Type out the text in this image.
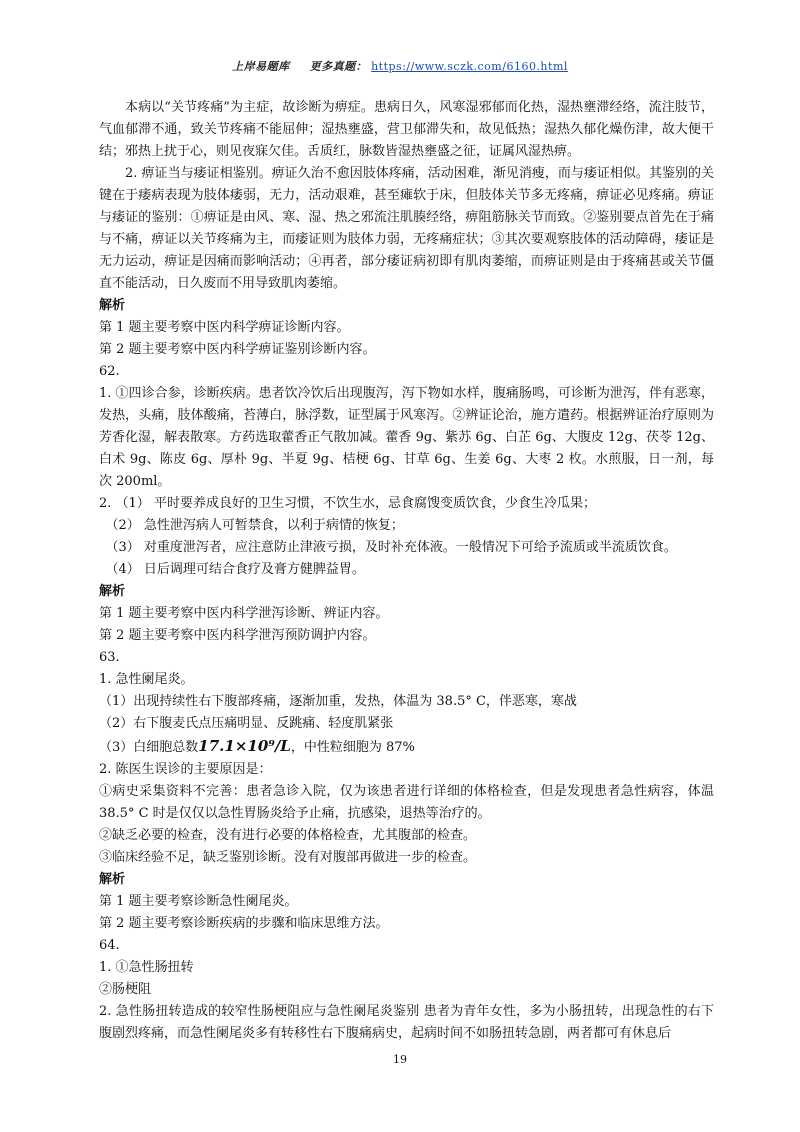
上岸易题库 更多真题： https://www.sczk.com/6160.html
本病以“关节疼痛”为主症，故诊断为痹症。患病日久，风寒湿邪郁而化热，湿热壅滞经络，流注肢节，气血郁滞不通，致关节疼痛不能屈伸；湿热壅盛，营卫郁滞失和，故见低热；湿热久郁化燥伤津，故大便干结；邪热上扰于心，则见夜寐欠佳。舌质红，脉数皆湿热壅盛之征，证属风湿热痹。
2. 痹证当与痿证相鉴别。痹证久治不愈因肢体疼痛，活动困难，渐见消瘦，而与痿证相似。其鉴别的关键在于痿病表现为肢体痿弱，无力，活动艰难，甚至瘫软于床，但肢体关节多无疼痛，痹证必见疼痛。痹证与痿证的鉴别：①痹证是由风、寒、湿、热之邪流注肌腠经络，痹阻筋脉关节而致。②鉴别要点首先在于痛与不痛，痹证以关节疼痛为主，而痿证则为肢体力弱，无疼痛症状；③其次要观察肢体的活动障碍，痿证是无力运动，痹证是因痛而影响活动；④再者，部分痿证病初即有肌肉萎缩，而痹证则是由于疼痛甚或关节僵直不能活动，日久废而不用导致肌肉萎缩。
解析
第 1 题主要考察中医内科学痹证诊断内容。
第 2 题主要考察中医内科学痹证鉴别诊断内容。
62.
1. ①四诊合参，诊断疾病。患者饮冷饮后出现腹泻，泻下物如水样，腹痛肠鸣，可诊断为泄泻，伴有恶寒，发热，头痛，肢体酸痛，苔薄白，脉浮数，证型属于风寒泻。②辨证论治，施方遣药。根据辨证治疗原则为芳香化湿，解表散寒。方药选取藿香正气散加减。藿香 9g、紫苏 6g、白芷 6g、大腹皮 12g、茯苓 12g、白术 9g、陈皮 6g、厚朴 9g、半夏 9g、桔梗 6g、甘草 6g、生姜 6g、大枣 2 枚。水煎服，日一剂，每次 200ml。
2. （1） 平时要养成良好的卫生习惯，不饮生水，忌食腐馊变质饮食，少食生冷瓜果；
（2） 急性泄泻病人可暂禁食，以利于病情的恢复；
（3） 对重度泄泻者，应注意防止津液亏损，及时补充体液。一般情况下可给予流质或半流质饮食。
（4） 日后调理可结合食疗及膏方健脾益胃。
解析
第 1 题主要考察中医内科学泄泻诊断、辨证内容。
第 2 题主要考察中医内科学泄泻预防调护内容。
63.
1. 急性阑尾炎。
（1）出现持续性右下腹部疼痛，逐渐加重，发热，体温为 38.5° C，伴恶寒，寒战
（2）右下腹麦氏点压痛明显、反跳痛、轻度肌紧张
（3）白细胞总数17.1×10⁹/L，中性粒细胞为 87%
2. 陈医生误诊的主要原因是：
①病史采集资料不完善：患者急诊入院，仅为该患者进行详细的体格检查，但是发现患者急性病容，体温 38.5° C 时是仅仅以急性胃肠炎给予止痛，抗感染，退热等治疗的。
②缺乏必要的检查，没有进行必要的体格检查，尤其腹部的检查。
③临床经验不足，缺乏鉴别诊断。没有对腹部再做进一步的检查。
解析
第 1 题主要考察诊断急性阑尾炎。
第 2 题主要考察诊断疾病的步骤和临床思维方法。
64.
1. ①急性肠扭转
②肠梗阻
2. 急性肠扭转造成的较窄性肠梗阻应与急性阑尾炎鉴别 患者为青年女性，多为小肠扭转，出现急性的右下腹剧烈疼痛，而急性阑尾炎多有转移性右下腹痛病史，起病时间不如肠扭转急剧，两者都可有休息后
19
